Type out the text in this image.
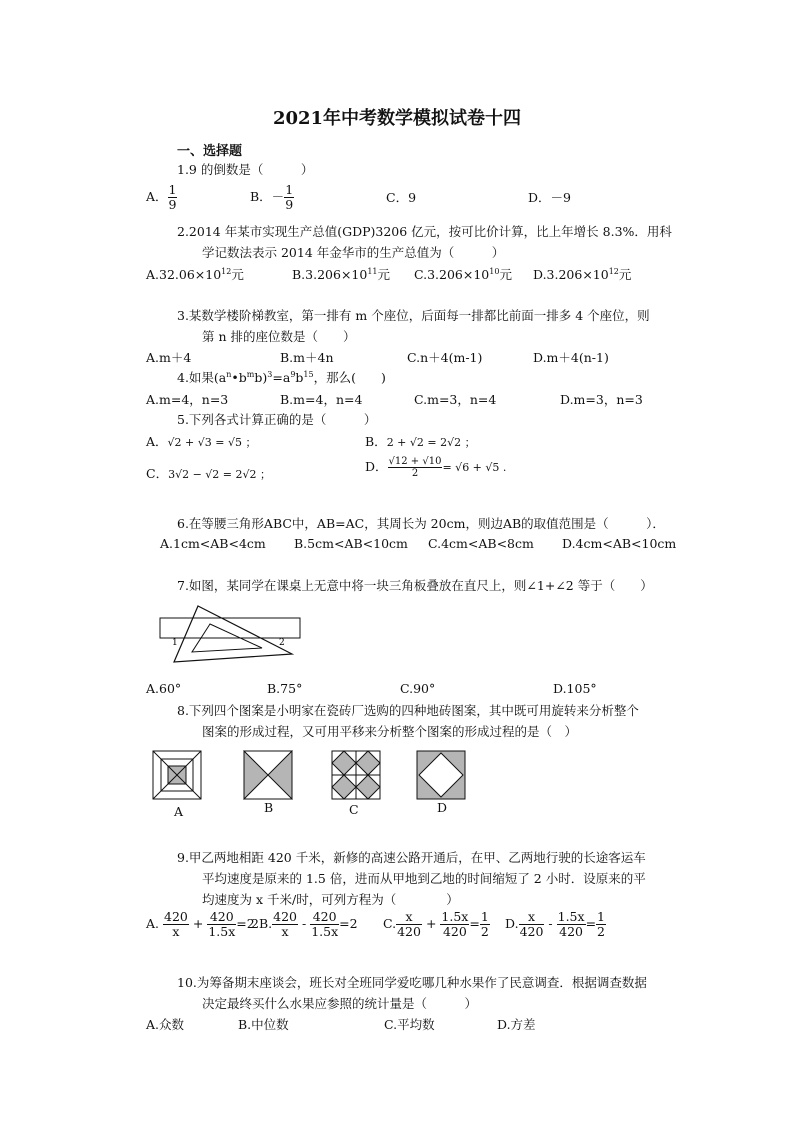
2021年中考数学模拟试卷十四
一、选择题
1.9 的倒数是（　　　）
A． $\frac{1}{9}$	B．－ $\frac{1}{9}$	C．9	D．－9
2.2014 年某市实现生产总值(GDP)3206 亿元，按可比价计算，比上年增长 8.3%．用科
学记数法表示 2014 年金华市的生产总值为（　　　）
$A.32.06\times 10^{12}$元	$B.3.206\times 10^{11}$元 $C.3.206\times 10^{10}$元 $D.3.206\times 10^{12}$元
3.某数学楼阶梯教室，第一排有 m 个座位，后面每一排都比前面一排多 4 个座位，则
第 n 排的座位数是（　　）
A.m＋4	B.m＋4n	C.n＋4(m-1)	D.m＋4(n-1)
4.如果$(a^n•b^mb)^3=a^9b^{15}$，那么(　　)
A.m=4，n=3	B.m=4，n=4	C.m=3，n=4	D.m=3，n=3
5.下列各式计算正确的是（　　　）
A．√2 + √3 = √5 ；	B．2 + √2 = 2√2 ；
C．3√2 − √2 = 2√2 ；
D． $\frac{√12 + √10}{2} = √6 + √5$ .
6.在等腰三角形ABC中，AB=AC，其周长为 20cm，则边AB的取值范围是（　　　）．
A.1cm<AB<4cm B.5cm<AB<10cm C.4cm<AB<8cm D.4cm<AB<10cm
7.如图，某同学在课桌上无意中将一块三角板叠放在直尺上，则∠1+∠2 等于（　　）
1	2
A.60°	B.75°	C.90°	D.105°
8.下列四个图案是小明家在瓷砖厂选购的四种地砖图案，其中既可用旋转来分析整个
图案的形成过程，又可用平移来分析整个图案的形成过程的是（　）
A	B	C	D
9.甲乙两地相距 420 千米，新修的高速公路开通后，在甲、乙两地行驶的长途客运车
平均速度是原来的 1.5 倍，进而从甲地到乙地的时间缩短了 2 小时．设原来的平
均速度为 x 千米/时，可列方程为（　　　　）
A. $\frac{420}{x} + \frac{420}{1.5x} =2$
2B. $\frac{420}{x} - \frac{420}{1.5x} =2$ C. $\frac{x}{420} + \frac{1.5x}{420} = \frac{1}{2} D$. $\frac{x}{420} - \frac{1.5x}{420} = \frac{1}{2}$
10.为筹备期末座谈会，班长对全班同学爱吃哪几种水果作了民意调查．根据调查数据
决定最终买什么水果应参照的统计量是（　　　）
A.众数	B.中位数	C.平均数	D.方差
